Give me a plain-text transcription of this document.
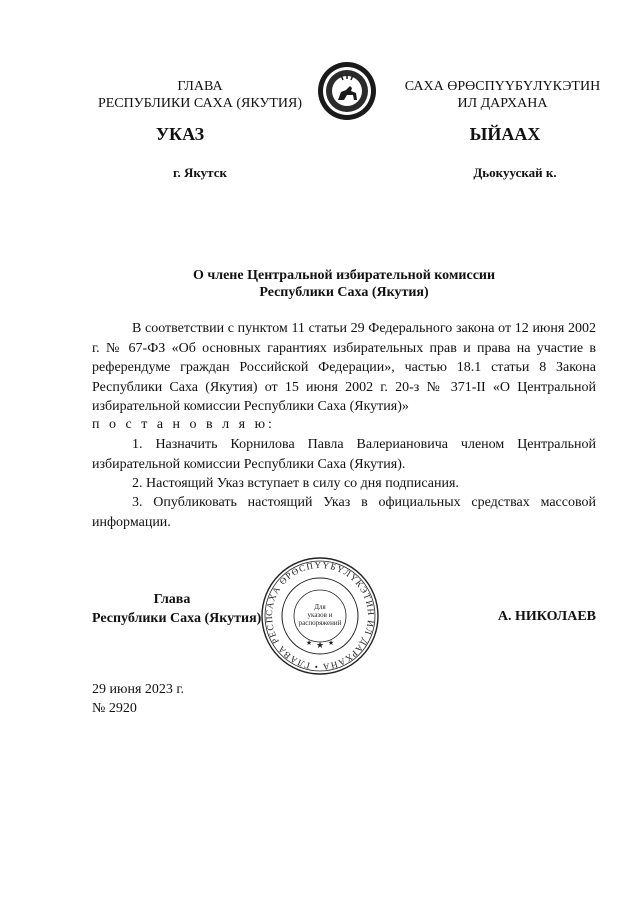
ГЛАВА
РЕСПУБЛИКИ САХА (ЯКУТИЯ)
САХА ӨРӨСПҮҮБҮЛҮКЭТИН
ИЛ ДАРХАНА
УКАЗ	ЫЙААХ
г. Якутск	Дьокуускай к.
О члене Центральной избирательной комиссии
Республики Саха (Якутия)
В соответствии с пунктом 11 статьи 29 Федерального закона от 12 июня 2002 г. № 67-ФЗ «Об основных гарантиях избирательных прав и права на участие в референдуме граждан Российской Федерации», частью 18.1 статьи 8 Закона Республики Саха (Якутия) от 15 июня 2002 г. 20-з № 371-II «О Центральной избирательной комиссии Республики Саха (Якутия)»
п о с т а н о в л я ю:
1. Назначить Корнилова Павла Валериановича членом Центральной избирательной комиссии Республики Саха (Якутия).
2. Настоящий Указ вступает в силу со дня подписания.
3. Опубликовать настоящий Указ в официальных средствах массовой информации.
САХА ӨРӨСПҮҮБҮЛҮКЭТИН ИЛ ДАРХАНА • ГЛАВА РЕСП
Для
указов и
распоряжений
★
★ ★
Глава
Республики Саха (Якутия)	А. НИКОЛАЕВ
29 июня 2023 г.
№ 2920
